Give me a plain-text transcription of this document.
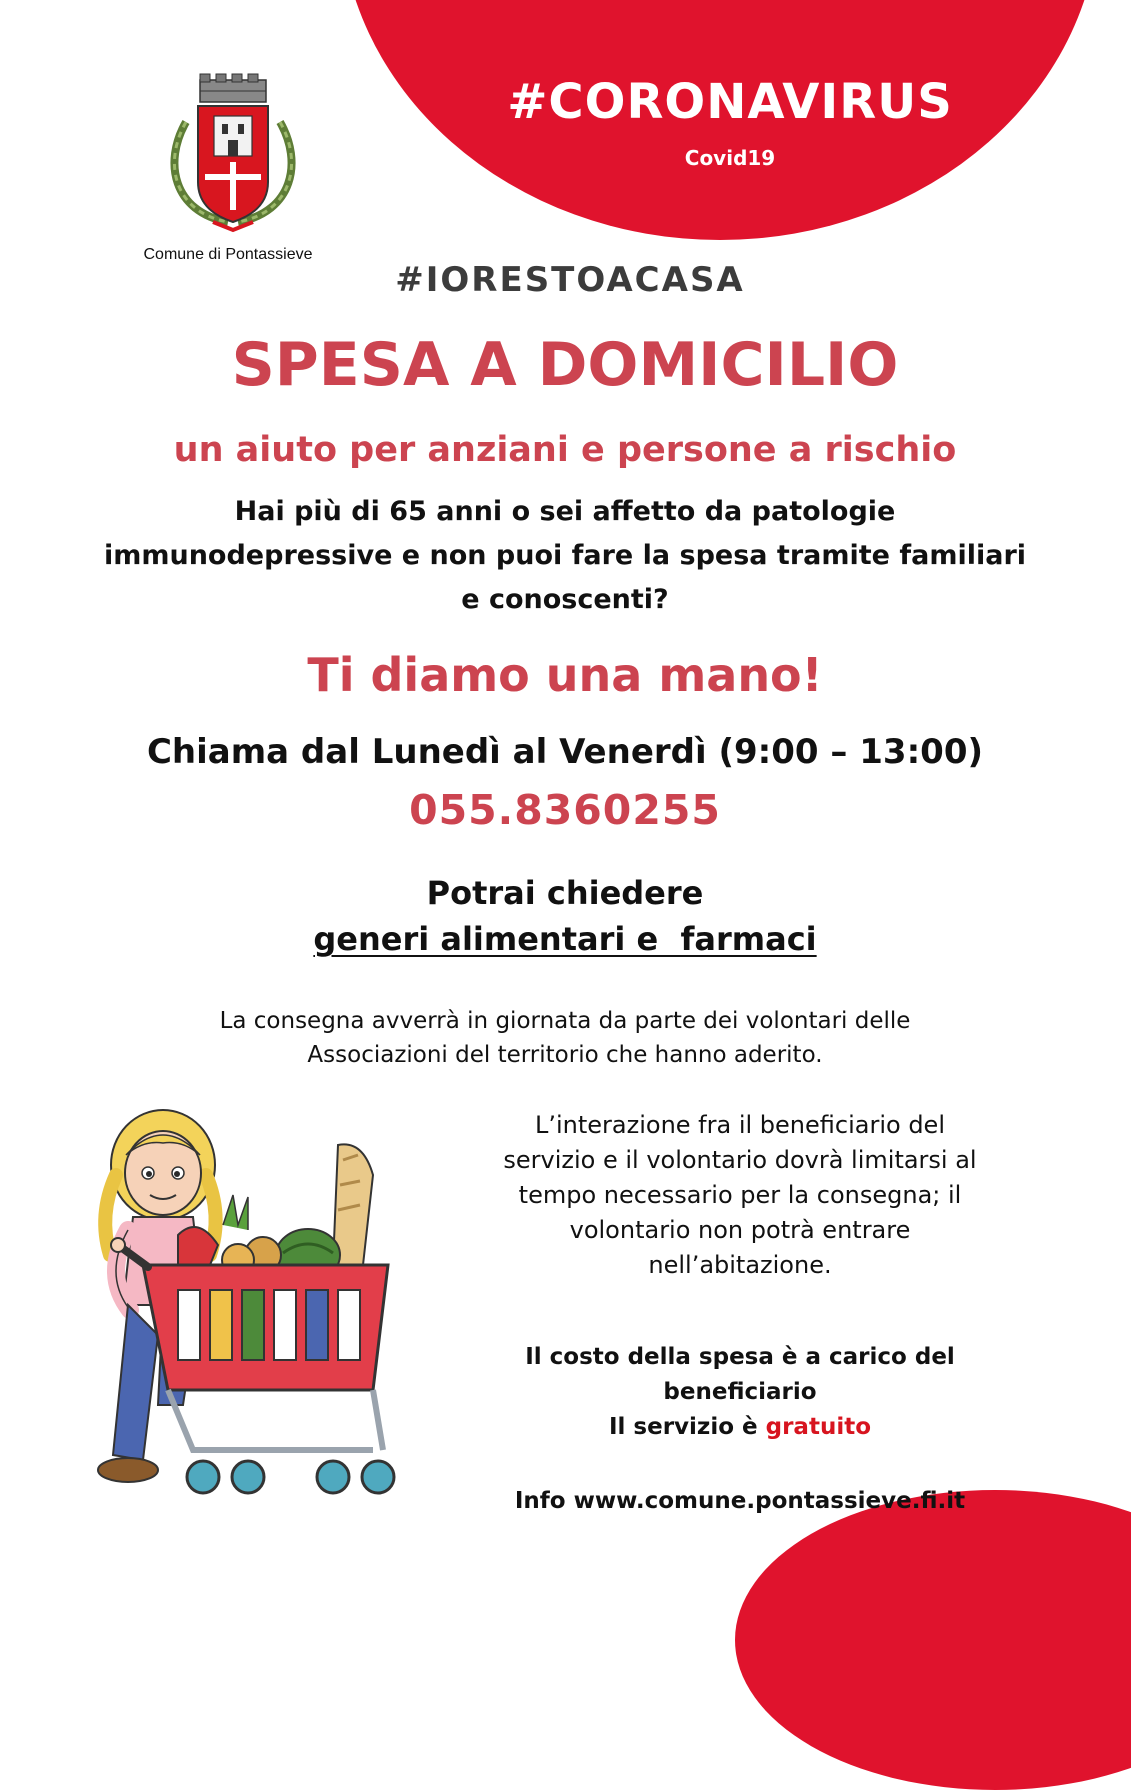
#CORONAVIRUS
Covid19
Comune di Pontassieve
#IORESTOACASA
SPESA A DOMICILIO
un aiuto per anziani e persone a rischio
Hai più di 65 anni o sei affetto da patologie
immunodepressive e non puoi fare la spesa tramite familiari
e conoscenti?
Ti diamo una mano!
Chiama dal Lunedì al Venerdì (9:00 – 13:00)
055.8360255
Potrai chiedere
generi alimentari e  farmaci
La consegna avverrà in giornata da parte dei volontari delle
Associazioni del territorio che hanno aderito.
L’interazione fra il beneficiario del
servizio e il volontario dovrà limitarsi al
tempo necessario per la consegna; il
volontario non potrà entrare
nell’abitazione.
Il costo della spesa è a carico del
beneficiario
Il servizio è gratuito
Info www.comune.pontassieve.fi.it
